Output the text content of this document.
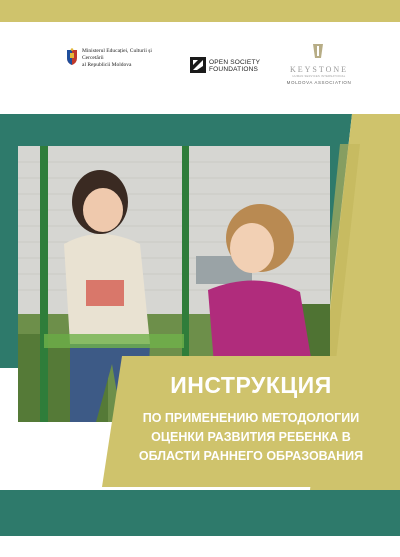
Ministerul Educației, Culturii și Cercetării
al Republicii Moldova	OPEN SOCIETY
FOUNDATIONS	KEYSTONE
HUMAN SERVICES INTERNATIONAL
MOLDOVA ASSOCIATION
ИНСТРУКЦИЯ
ПО ПРИМЕНЕНИЮ МЕТОДОЛОГИИ
ОЦЕНКИ РАЗВИТИЯ РЕБЕНКА В
ОБЛАСТИ РАННЕГО ОБРАЗОВАНИЯ
